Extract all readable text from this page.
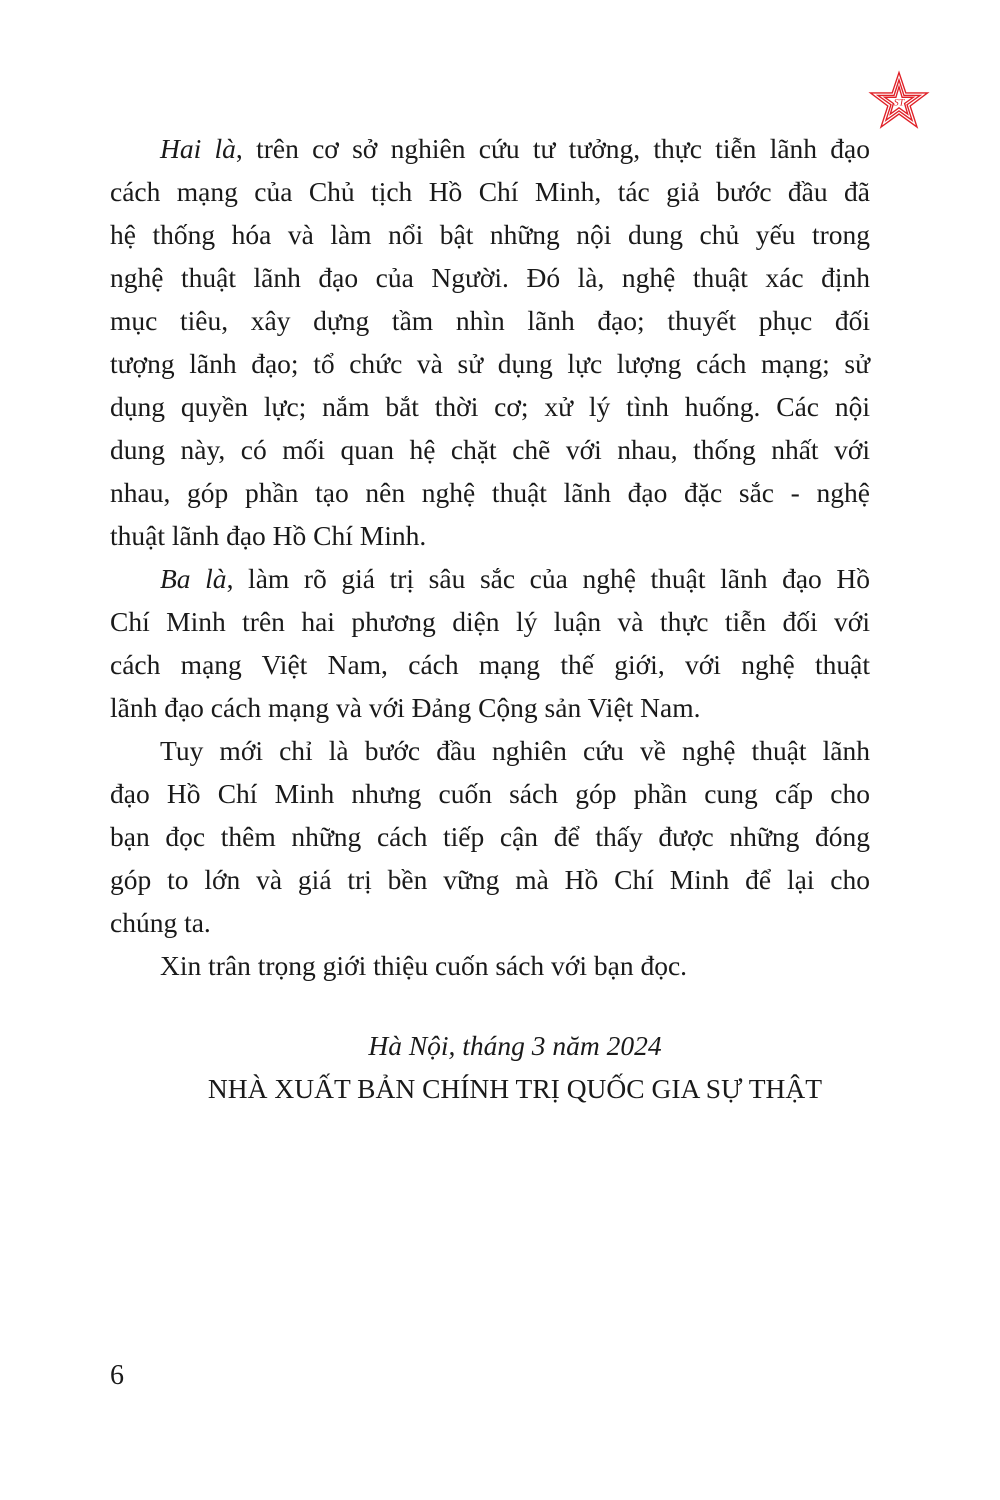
ST
Hai là, trên cơ sở nghiên cứu tư tưởng, thực tiễn lãnh đạo
cách mạng của Chủ tịch Hồ Chí Minh, tác giả bước đầu đã
hệ thống hóa và làm nổi bật những nội dung chủ yếu trong
nghệ thuật lãnh đạo của Người. Đó là, nghệ thuật xác định
mục tiêu, xây dựng tầm nhìn lãnh đạo; thuyết phục đối
tượng lãnh đạo; tổ chức và sử dụng lực lượng cách mạng; sử
dụng quyền lực; nắm bắt thời cơ; xử lý tình huống. Các nội
dung này, có mối quan hệ chặt chẽ với nhau, thống nhất với
nhau, góp phần tạo nên nghệ thuật lãnh đạo đặc sắc - nghệ
thuật lãnh đạo Hồ Chí Minh.
Ba là, làm rõ giá trị sâu sắc của nghệ thuật lãnh đạo Hồ
Chí Minh trên hai phương diện lý luận và thực tiễn đối với
cách mạng Việt Nam, cách mạng thế giới, với nghệ thuật
lãnh đạo cách mạng và với Đảng Cộng sản Việt Nam.
Tuy mới chỉ là bước đầu nghiên cứu về nghệ thuật lãnh
đạo Hồ Chí Minh nhưng cuốn sách góp phần cung cấp cho
bạn đọc thêm những cách tiếp cận để thấy được những đóng
góp to lớn và giá trị bền vững mà Hồ Chí Minh để lại cho
chúng ta.
Xin trân trọng giới thiệu cuốn sách với bạn đọc.
Hà Nội, tháng 3 năm 2024
NHÀ XUẤT BẢN CHÍNH TRỊ QUỐC GIA SỰ THẬT
6
